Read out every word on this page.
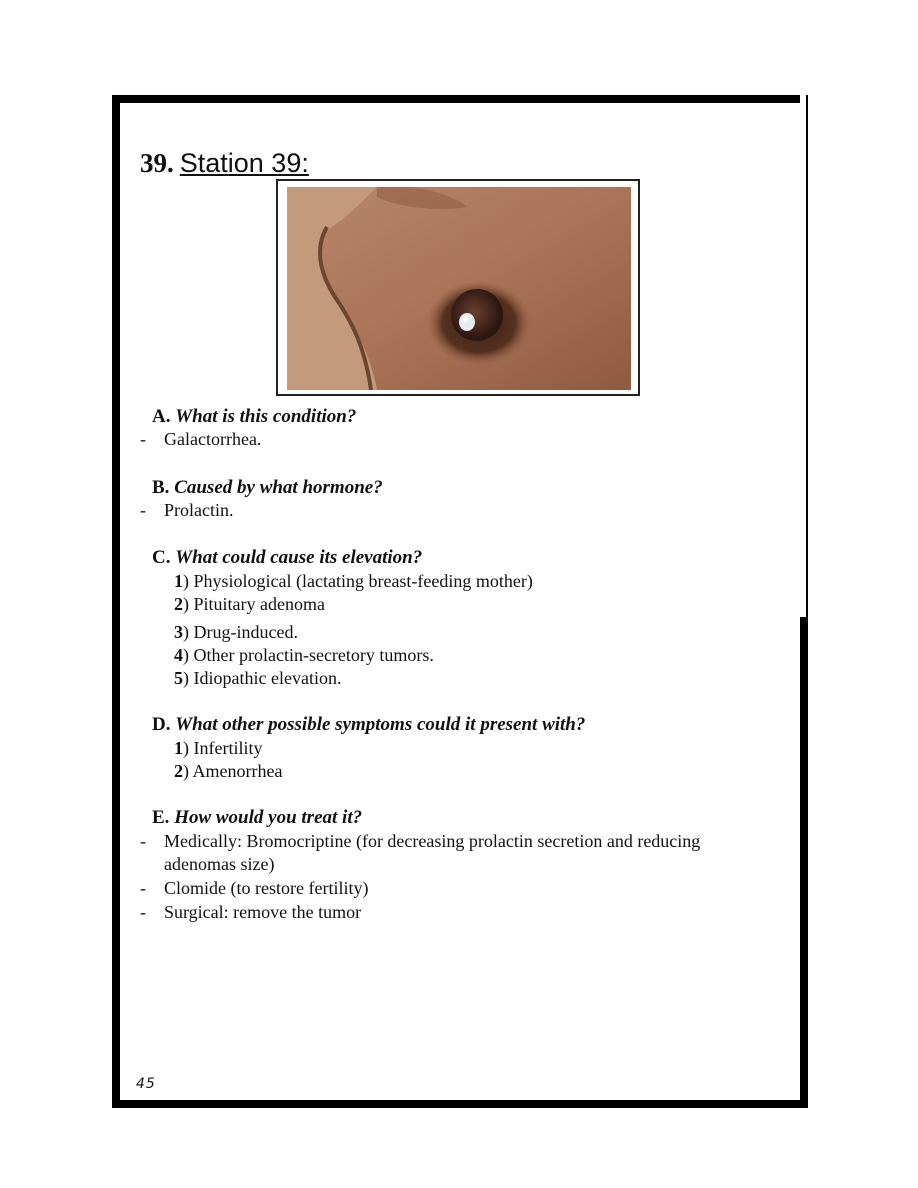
39. Station 39:
A. What is this condition?
- Galactorrhea.
B. Caused by what hormone?
- Prolactin.
C. What could cause its elevation?
1) Physiological (lactating breast-feeding mother)
2) Pituitary adenoma
3) Drug-induced.
4) Other prolactin-secretory tumors.
5) Idiopathic elevation.
D. What other possible symptoms could it present with?
1) Infertility
2) Amenorrhea
E. How would you treat it?
- Medically: Bromocriptine (for decreasing prolactin secretion and reducing
adenomas size)
- Clomide (to restore fertility)
- Surgical: remove the tumor
45
